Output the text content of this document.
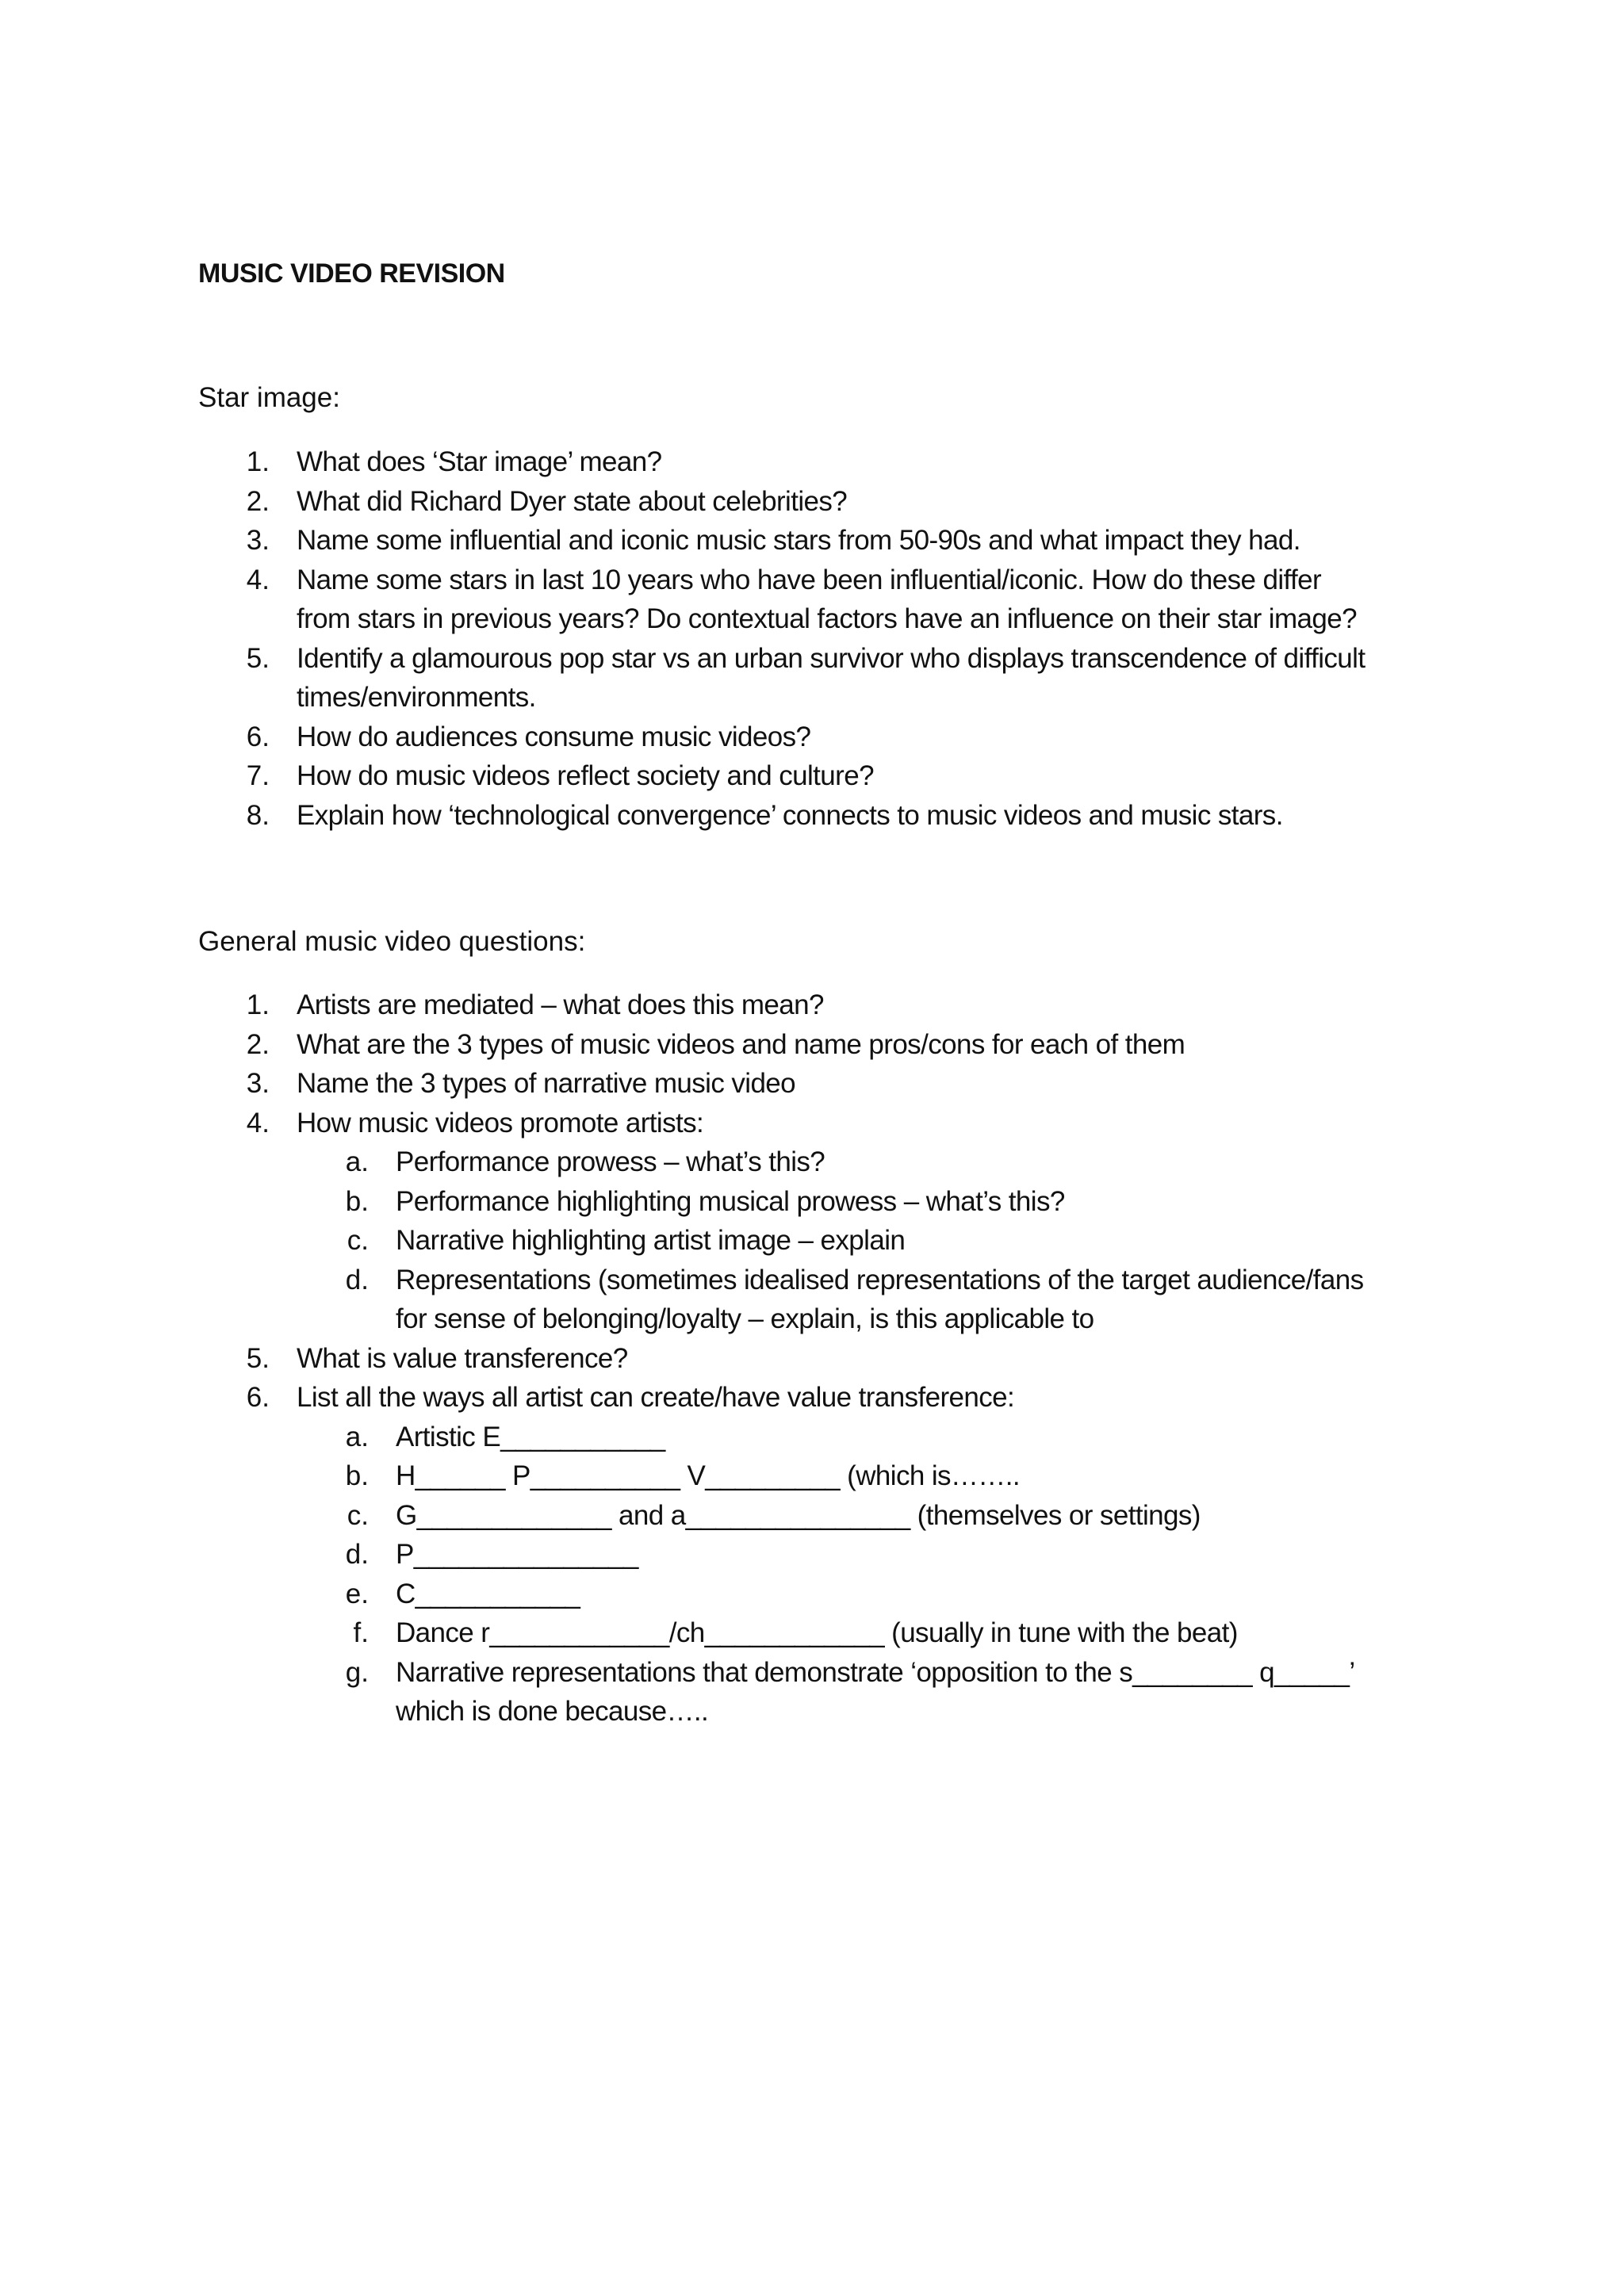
MUSIC VIDEO REVISION
Star image:
1. What does ‘Star image’ mean?
2. What did Richard Dyer state about celebrities?
3. Name some influential and iconic music stars from 50-90s and what impact they had.
4. Name some stars in last 10 years who have been influential/iconic. How do these differ
from stars in previous years? Do contextual factors have an influence on their star image?
5. Identify a glamourous pop star vs an urban survivor who displays transcendence of difficult
times/environments.
6. How do audiences consume music videos?
7. How do music videos reflect society and culture?
8. Explain how ‘technological convergence’ connects to music videos and music stars.
General music video questions:
1. Artists are mediated – what does this mean?
2. What are the 3 types of music videos and name pros/cons for each of them
3. Name the 3 types of narrative music video
4. How music videos promote artists:
a. Performance prowess – what’s this?
b. Performance highlighting musical prowess – what’s this?
c. Narrative highlighting artist image – explain
d. Representations (sometimes idealised representations of the target audience/fans
for sense of belonging/loyalty – explain, is this applicable to
5. What is value transference?
6. List all the ways all artist can create/have value transference:
a. Artistic E___________
b. H______ P__________ V_________ (which is……..
c. G_____________ and a_______________ (themselves or settings)
d. P_______________
e. C___________
f. Dance r____________/ch____________ (usually in tune with the beat)
g. Narrative representations that demonstrate ‘opposition to the s________ q_____’
which is done because…..
